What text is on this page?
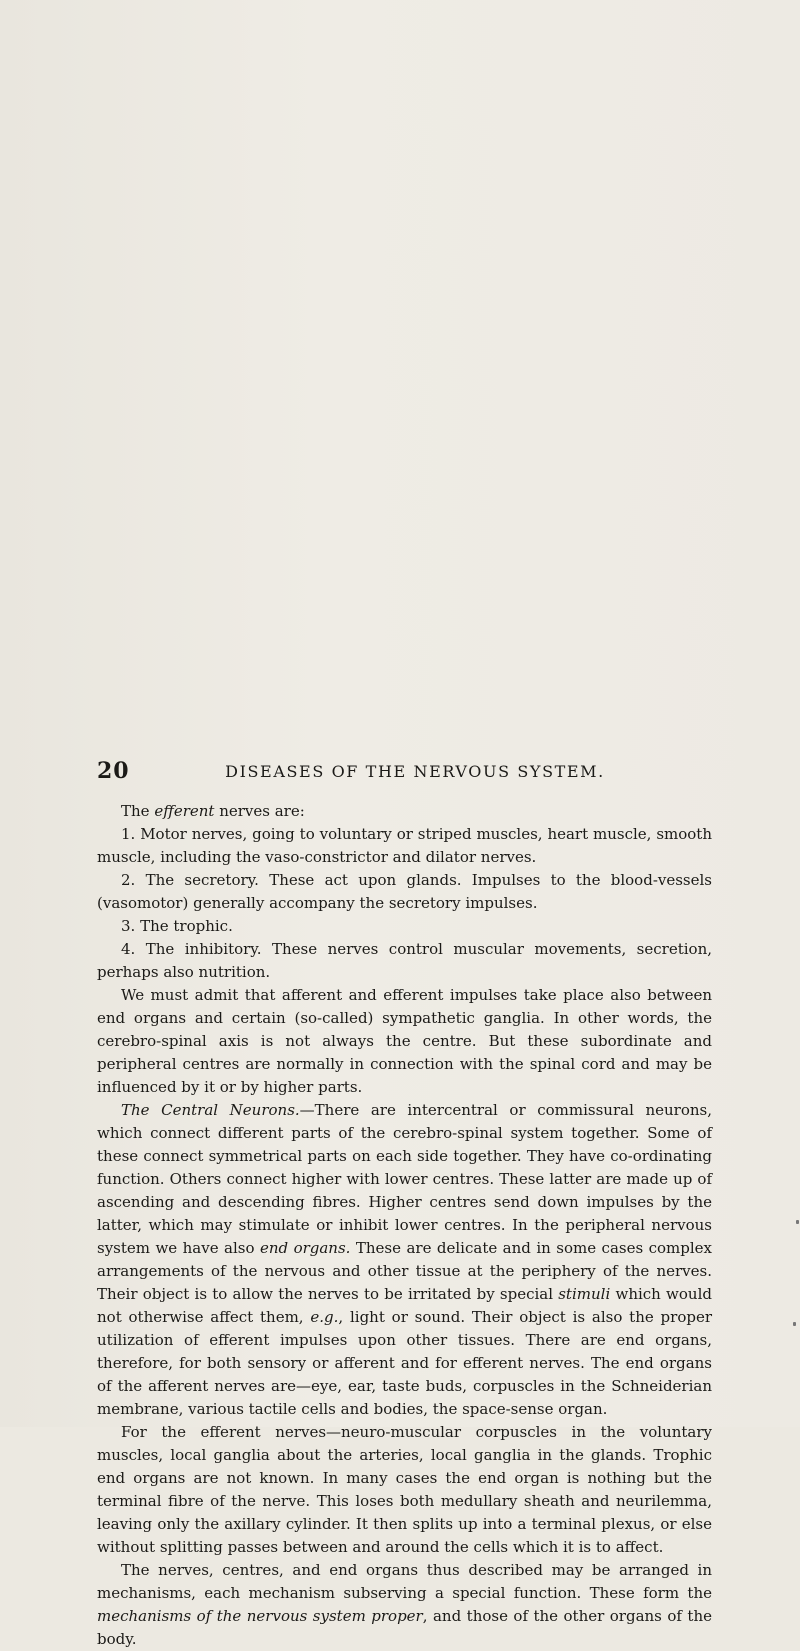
20	DISEASES OF THE NERVOUS SYSTEM.

The efferent nerves are:

1. Motor nerves, going to voluntary or striped muscles, heart muscle, smooth muscle, including the vaso-constrictor and dilator nerves.

2. The secretory. These act upon glands. Impulses to the blood-vessels (vasomotor) generally accompany the secretory impulses.

3. The trophic.

4. The inhibitory. These nerves control muscular movements, secretion, perhaps also nutrition.

We must admit that afferent and efferent impulses take place also between end organs and certain (so-called) sympathetic ganglia. In other words, the cerebro-spinal axis is not always the centre. But these subordinate and peripheral centres are normally in connection with the spinal cord and may be influenced by it or by higher parts.

The Central Neurons.—There are intercentral or commissural neurons, which connect different parts of the cerebro-spinal system together. Some of these connect symmetrical parts on each side together. They have co-ordinating function. Others connect higher with lower centres. These latter are made up of ascending and descending fibres. Higher centres send down impulses by the latter, which may stimulate or inhibit lower centres. In the peripheral nervous system we have also end organs. These are delicate and in some cases complex arrangements of the nervous and other tissue at the periphery of the nerves. Their object is to allow the nerves to be irritated by special stimuli which would not otherwise affect them, e.g., light or sound. Their object is also the proper utilization of efferent impulses upon other tissues. There are end organs, therefore, for both sensory or afferent and for efferent nerves. The end organs of the afferent nerves are—eye, ear, taste buds, corpuscles in the Schneiderian membrane, various tactile cells and bodies, the space-sense organ.

For the efferent nerves—neuro-muscular corpuscles in the voluntary muscles, local ganglia about the arteries, local ganglia in the glands. Trophic end organs are not known. In many cases the end organ is nothing but the terminal fibre of the nerve. This loses both medullary sheath and neurilemma, leaving only the axillary cylinder. It then splits up into a terminal plexus, or else without splitting passes between and around the cells which it is to affect.

The nerves, centres, and end organs thus described may be arranged in mechanisms, each mechanism subserving a special function. These form the mechanisms of the nervous system proper, and those of the other organs of the body.
